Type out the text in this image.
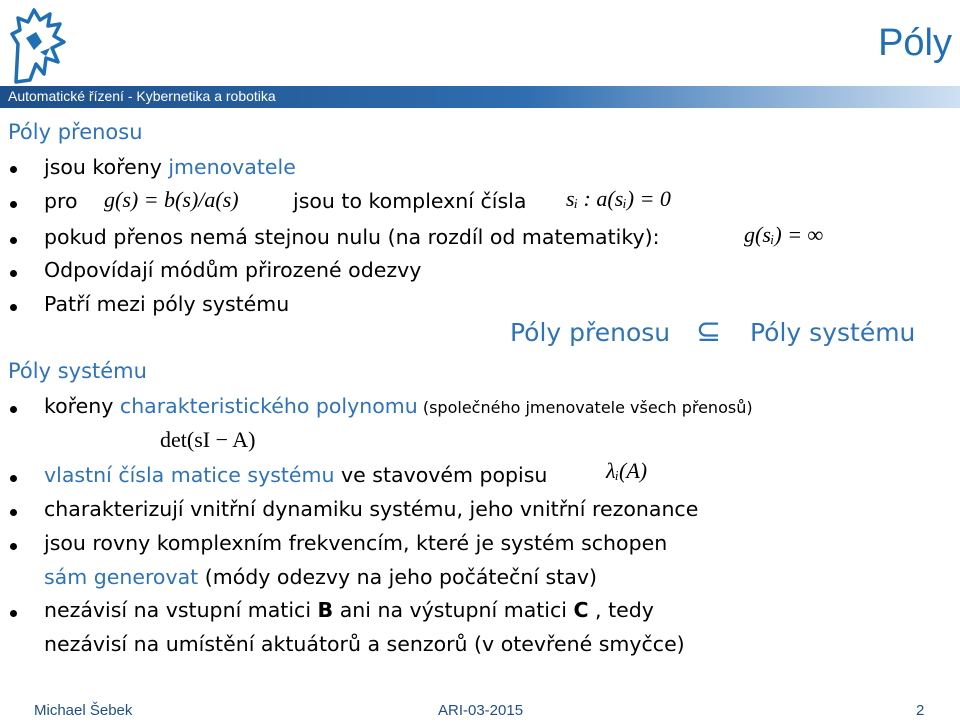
Póly
Automatické řízení - Kybernetika a robotika
Póly přenosu
jsou kořeny jmenovatele
pro g(s) = b(s)/a(s)	jsou to komplexní čísla sᵢ : a(sᵢ) = 0
pokud přenos nemá stejnou nulu (na rozdíl od matematiky):	g(sᵢ) = ∞
Odpovídají módům přirozené odezvy
Patří mezi póly systému
Póly přenosu ⊆ Póly systému
Póly systému
kořeny charakteristického polynomu (společného jmenovatele všech přenosů)
det(sI − A)
vlastní čísla matice systému ve stavovém popisu	λᵢ(A)
charakterizují vnitřní dynamiku systému, jeho vnitřní rezonance
jsou rovny komplexním frekvencím, které je systém schopen
sám generovat (módy odezvy na jeho počáteční stav)
nezávisí na vstupní matici B ani na výstupní matici C , tedy
nezávisí na umístění aktuátorů a senzorů (v otevřené smyčce)
Michael Šebek	ARI-03-2015	2
